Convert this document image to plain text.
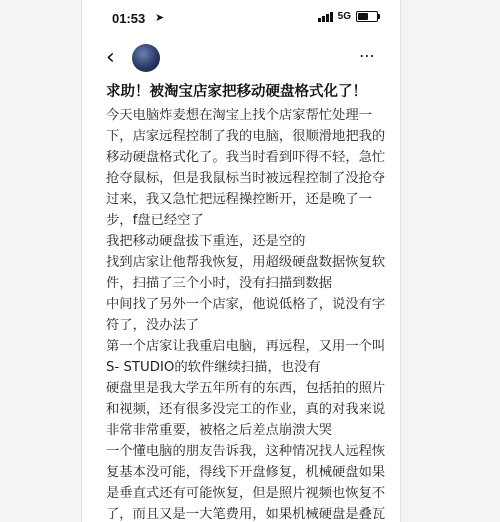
01:53 ➤	5G
‹	⋯
求助！被淘宝店家把移动硬盘格式化了！

今天电脑炸麦想在淘宝上找个店家帮忙处理一下，店家远程控制了我的电脑，很顺滑地把我的移动硬盘格式化了。我当时看到吓得不轻，急忙抢夺鼠标，但是我鼠标当时被远程控制了没抢夺过来，我又急忙把远程操控断开，还是晚了一步，f盘已经空了

我把移动硬盘拔下重连，还是空的

找到店家让他帮我恢复，用超级硬盘数据恢复软件，扫描了三个小时，没有扫描到数据

中间找了另外一个店家，他说低格了，说没有字符了，没办法了

第一个店家让我重启电脑，再远程，又用一个叫S- STUDIO的软件继续扫描，也没有

硬盘里是我大学五年所有的东西，包括拍的照片和视频，还有很多没完工的作业，真的对我来说非常非常重要，被格之后差点崩溃大哭

一个懂电脑的朋友告诉我，这种情况找人远程恢复基本没可能，得线下开盘修复，机械硬盘如果是垂直式还有可能恢复，但是照片视频也恢复不了，而且又是一大笔费用，如果机械硬盘是叠瓦
